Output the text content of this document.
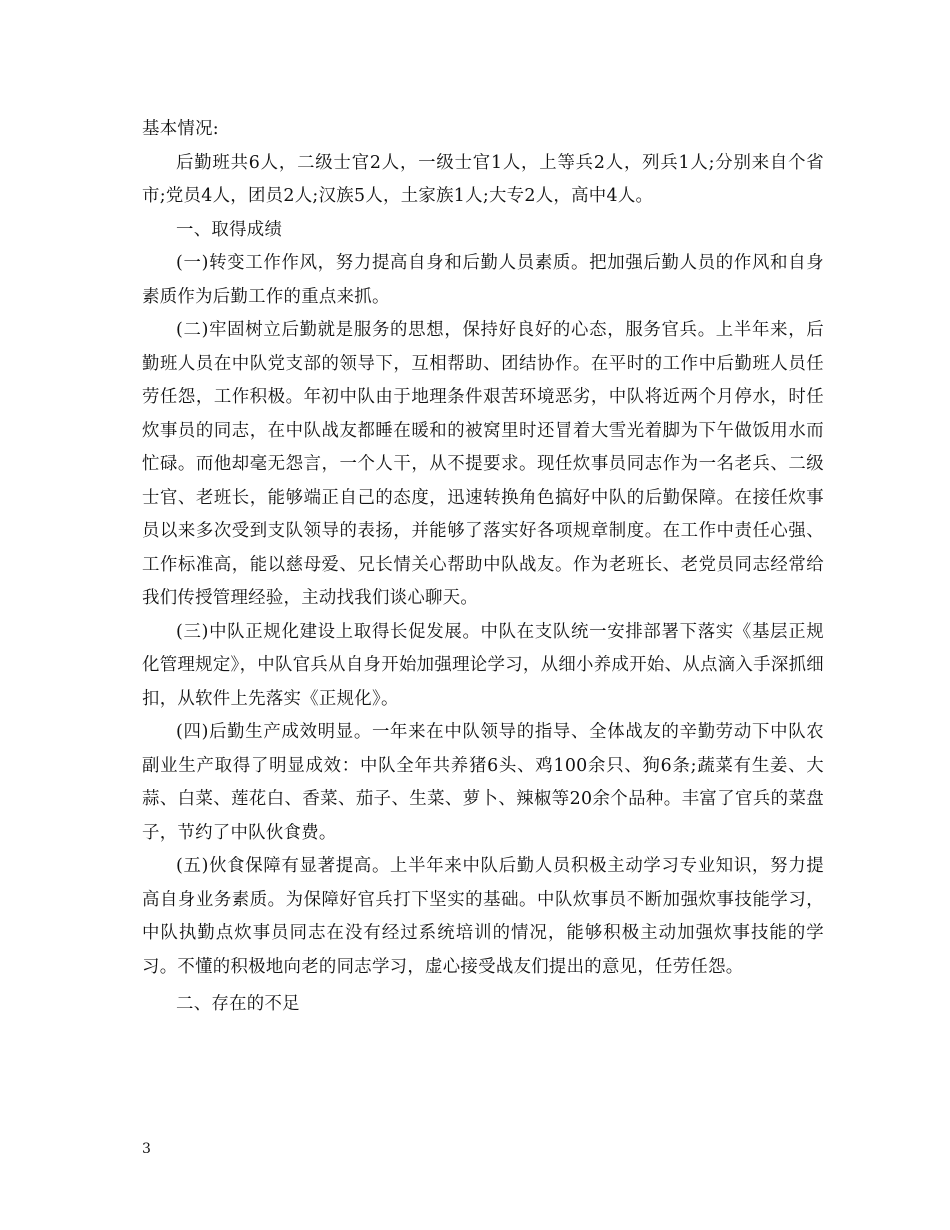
基本情况:

后勤班共6人，二级士官2人，一级士官1人，上等兵2人，列兵1人;分别来自个省市;党员4人，团员2人;汉族5人，土家族1人;大专2人，高中4人。

一、取得成绩

(一)转变工作作风，努力提高自身和后勤人员素质。把加强后勤人员的作风和自身素质作为后勤工作的重点来抓。

(二)牢固树立后勤就是服务的思想，保持好良好的心态，服务官兵。上半年来，后勤班人员在中队党支部的领导下，互相帮助、团结协作。在平时的工作中后勤班人员任劳任怨，工作积极。年初中队由于地理条件艰苦环境恶劣，中队将近两个月停水，时任炊事员的同志，在中队战友都睡在暖和的被窝里时还冒着大雪光着脚为下午做饭用水而忙碌。而他却毫无怨言，一个人干，从不提要求。现任炊事员同志作为一名老兵、二级士官、老班长，能够端正自己的态度，迅速转换角色搞好中队的后勤保障。在接任炊事员以来多次受到支队领导的表扬，并能够了落实好各项规章制度。在工作中责任心强、工作标准高，能以慈母爱、兄长情关心帮助中队战友。作为老班长、老党员同志经常给我们传授管理经验，主动找我们谈心聊天。

(三)中队正规化建设上取得长促发展。中队在支队统一安排部署下落实《基层正规化管理规定》，中队官兵从自身开始加强理论学习，从细小养成开始、从点滴入手深抓细扣，从软件上先落实《正规化》。

(四)后勤生产成效明显。一年来在中队领导的指导、全体战友的辛勤劳动下中队农副业生产取得了明显成效：中队全年共养猪6头、鸡100余只、狗6条;蔬菜有生姜、大蒜、白菜、莲花白、香菜、茄子、生菜、萝卜、辣椒等20余个品种。丰富了官兵的菜盘子，节约了中队伙食费。

(五)伙食保障有显著提高。上半年来中队后勤人员积极主动学习专业知识，努力提高自身业务素质。为保障好官兵打下坚实的基础。中队炊事员不断加强炊事技能学习，中队执勤点炊事员同志在没有经过系统培训的情况，能够积极主动加强炊事技能的学习。不懂的积极地向老的同志学习，虚心接受战友们提出的意见，任劳任怨。

二、存在的不足

3
